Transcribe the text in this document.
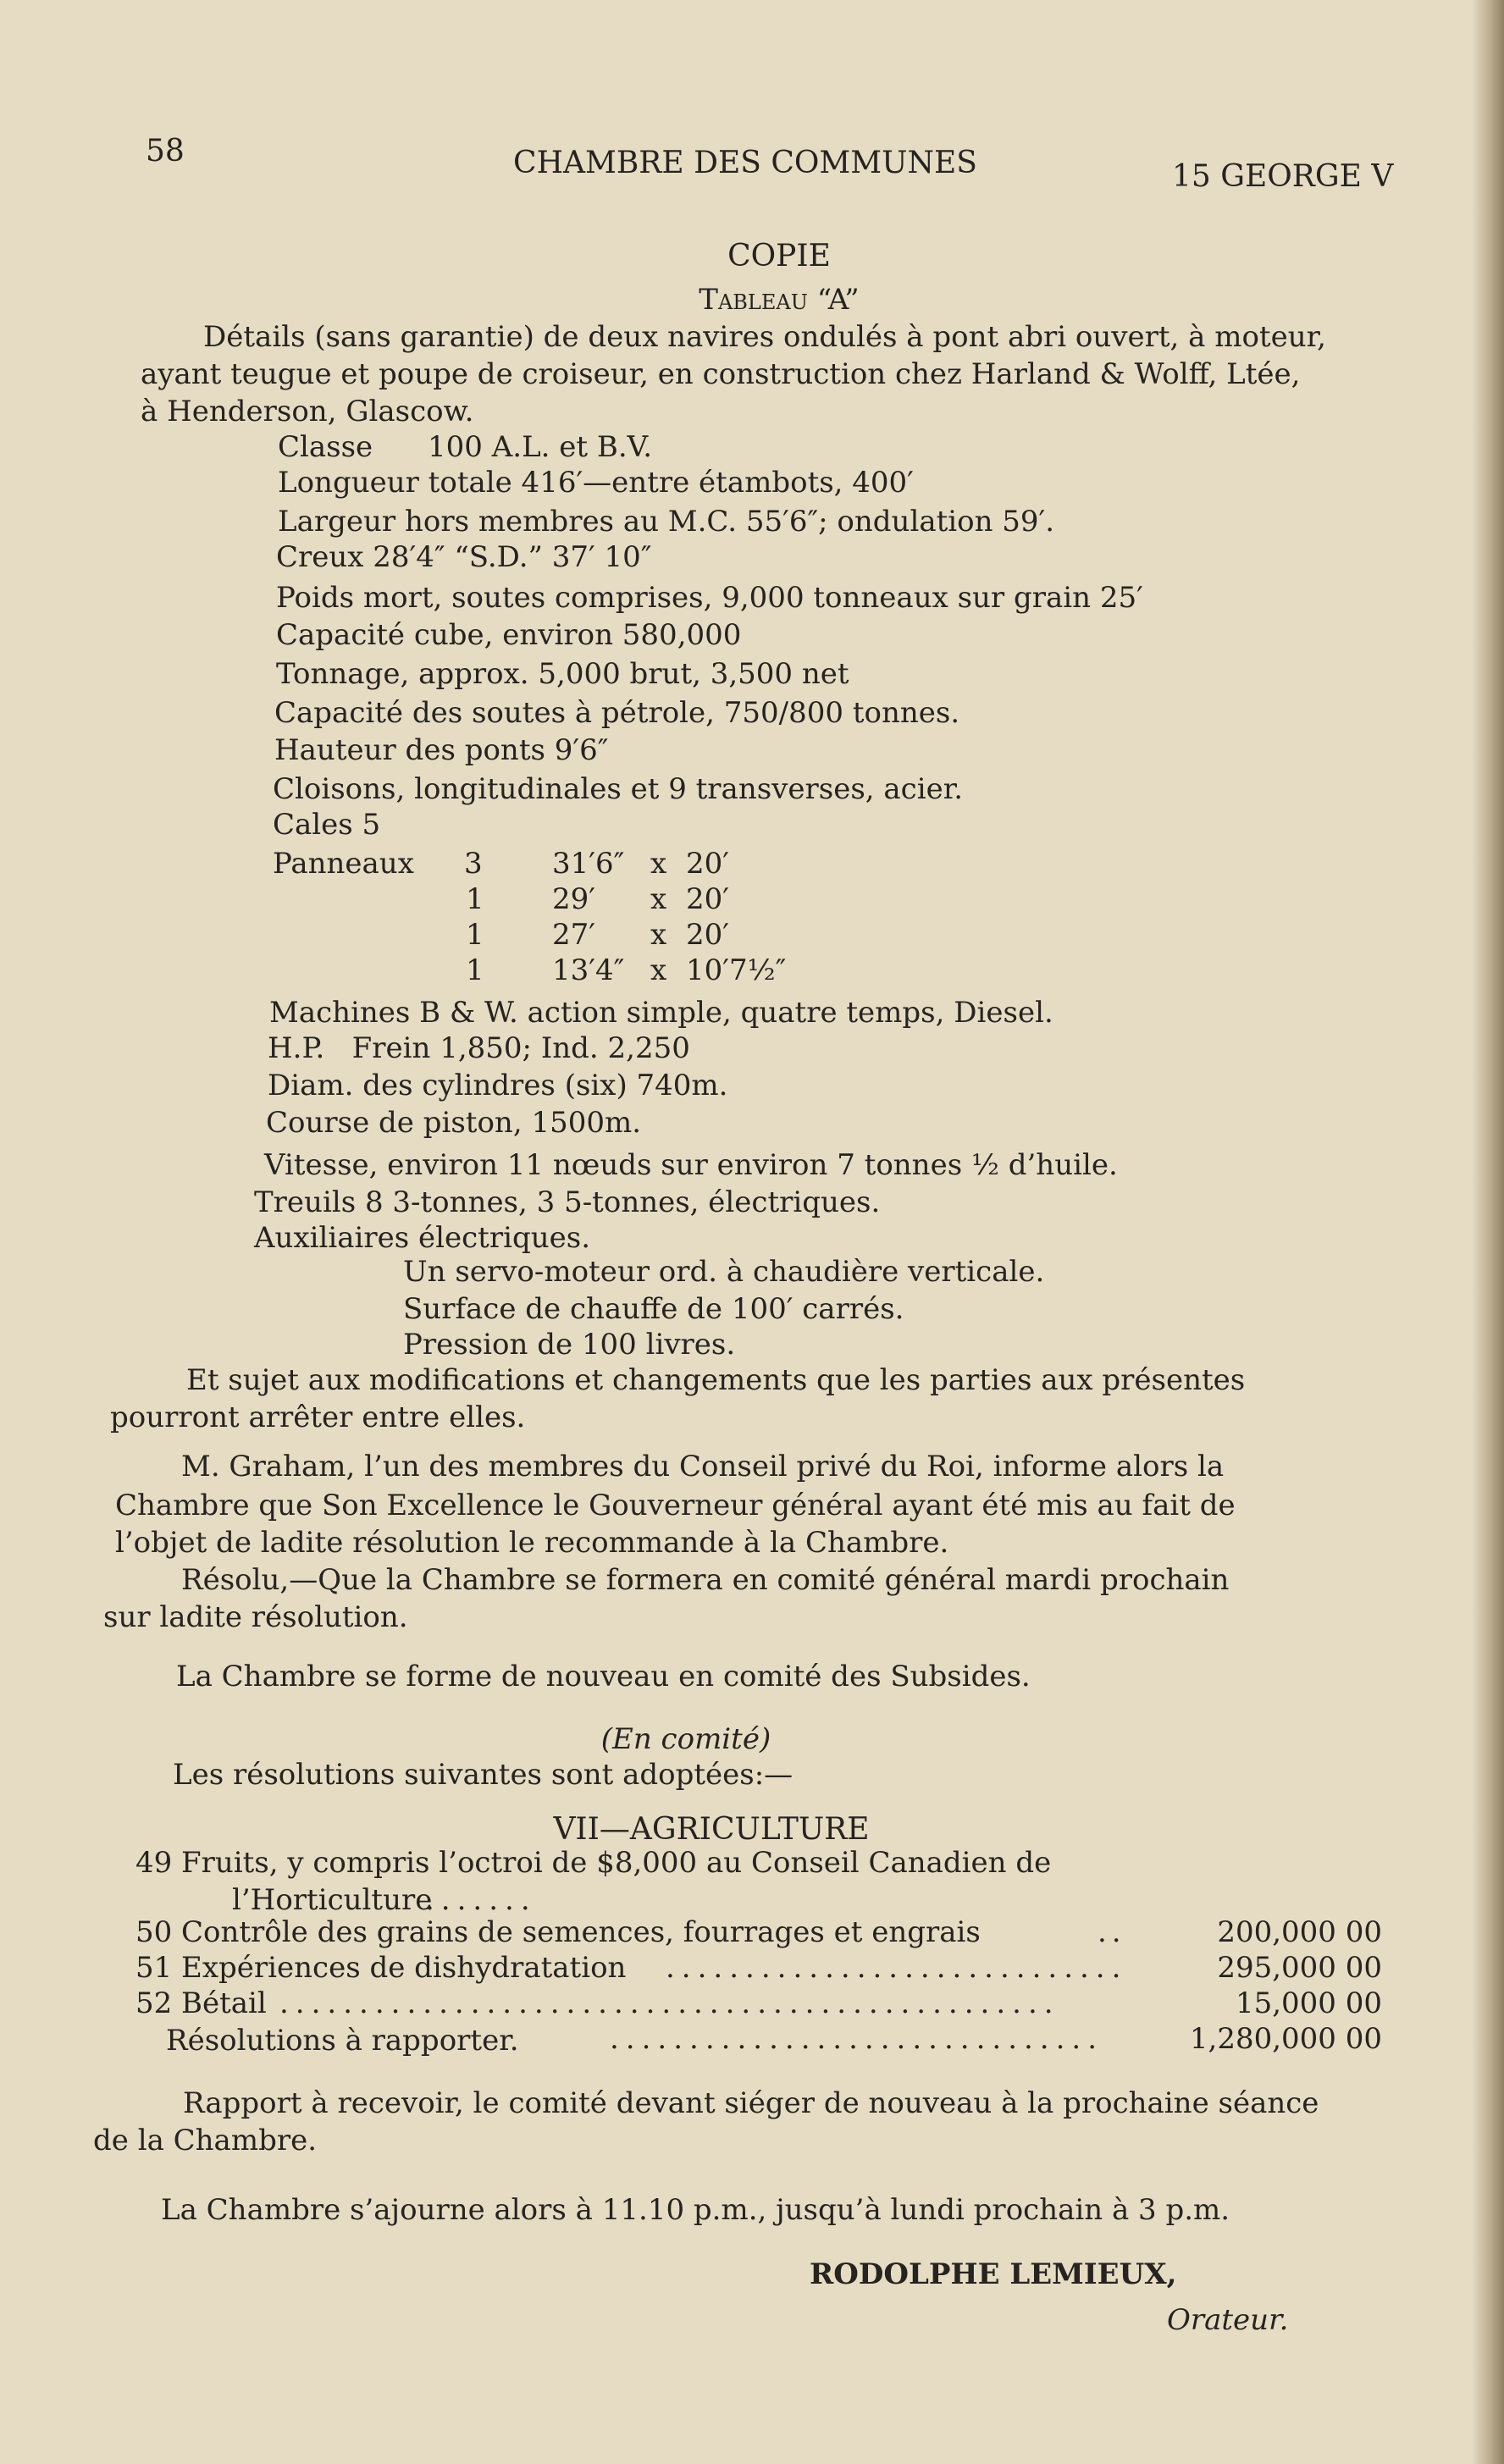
58	CHAMBRE DES COMMUNES	15 GEORGE V
COPIE
Tableau “A”
Détails (sans garantie) de deux navires ondulés à pont abri ouvert, à moteur,
ayant teugue et poupe de croiseur, en construction chez Harland & Wolff, Ltée,
à Henderson, Glascow.
Classe      100 A.L. et B.V.
Longueur totale 416′—entre étambots, 400′
Largeur hors membres au M.C. 55′6″; ondulation 59′.
Creux 28′4″ “S.D.” 37′ 10″
Poids mort, soutes comprises, 9,000 tonneaux sur grain 25′
Capacité cube, environ 580,000
Tonnage, approx. 5,000 brut, 3,500 net
Capacité des soutes à pétrole, 750/800 tonnes.
Hauteur des ponts 9′6″
Cloisons, longitudinales et 9 transverses, acier.
Cales 5
Panneaux 3 31′6″ x 20′
1 29′ x 20′
1 27′ x 20′
1 13′4″ x 10′7½″
Machines B & W. action simple, quatre temps, Diesel.
H.P.   Frein 1,850; Ind. 2,250
Diam. des cylindres (six) 740m.
Course de piston, 1500m.
Vitesse, environ 11 nœuds sur environ 7 tonnes ½ d’huile.
Treuils 8 3-tonnes, 3 5-tonnes, électriques.
Auxiliaires électriques.
Un servo-moteur ord. à chaudière verticale.
Surface de chauffe de 100′ carrés.
Pression de 100 livres.
Et sujet aux modifications et changements que les parties aux présentes
pourront arrêter entre elles.
M. Graham, l’un des membres du Conseil privé du Roi, informe alors la
Chambre que Son Excellence le Gouverneur général ayant été mis au fait de
l’objet de ladite résolution le recommande à la Chambre.
Résolu,—Que la Chambre se formera en comité général mardi prochain
sur ladite résolution.
La Chambre se forme de nouveau en comité des Subsides.
(En comité)
Les résolutions suivantes sont adoptées:—
VII—AGRICULTURE
49 Fruits, y compris l’octroi de $8,000 au Conseil Canadien de
l’Horticulture
.......
50 Contrôle des grains de semences, fourrages et engrais	..	200,000 00
51 Expériences de dishydratation .............................	295,000 00
52 Bétail .................................................	15,000 00
Résolutions à rapporter.	...............................	1,280,000 00
Rapport à recevoir, le comité devant siéger de nouveau à la prochaine séance
de la Chambre.
La Chambre s’ajourne alors à 11.10 p.m., jusqu’à lundi prochain à 3 p.m.
RODOLPHE LEMIEUX,
Orateur.
